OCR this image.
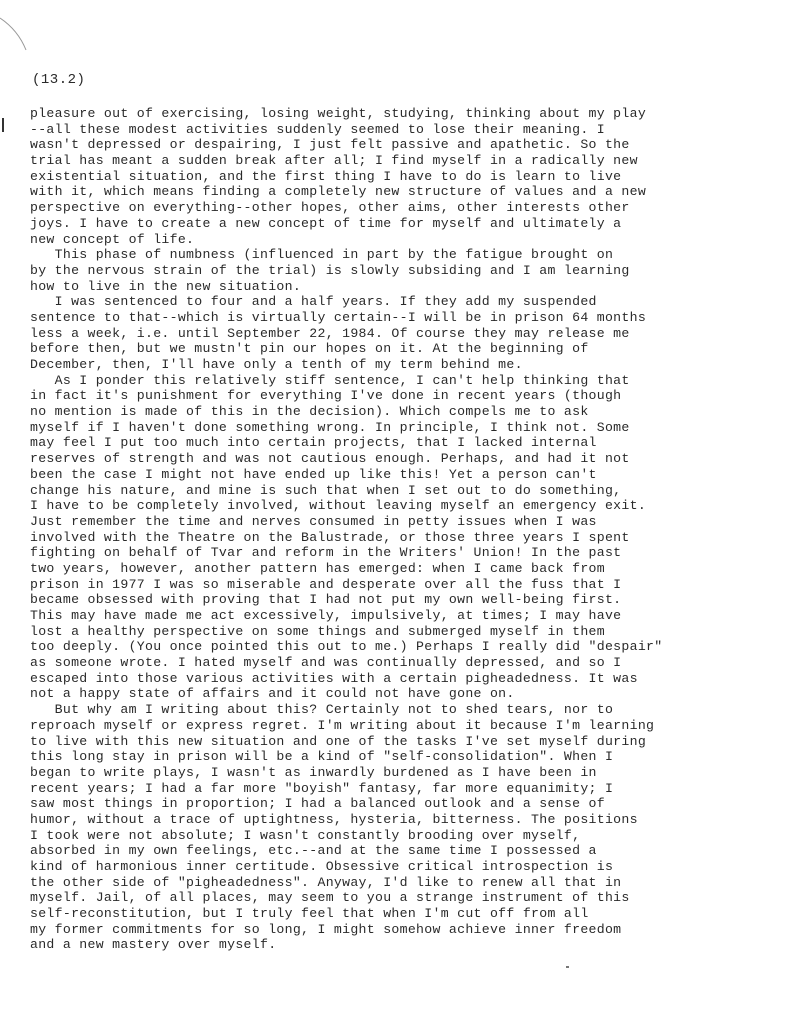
(13.2)
pleasure out of exercising, losing weight, studying, thinking about my play
--all these modest activities suddenly seemed to lose their meaning. I
wasn't depressed or despairing, I just felt passive and apathetic. So the
trial has meant a sudden break after all; I find myself in a radically new
existential situation, and the first thing I have to do is learn to live
with it, which means finding a completely new structure of values and a new
perspective on everything--other hopes, other aims, other interests other
joys. I have to create a new concept of time for myself and ultimately a
new concept of life.
This phase of numbness (influenced in part by the fatigue brought on
by the nervous strain of the trial) is slowly subsiding and I am learning
how to live in the new situation.
I was sentenced to four and a half years. If they add my suspended
sentence to that--which is virtually certain--I will be in prison 64 months
less a week, i.e. until September 22, 1984. Of course they may release me
before then, but we mustn't pin our hopes on it. At the beginning of
December, then, I'll have only a tenth of my term behind me.
As I ponder this relatively stiff sentence, I can't help thinking that
in fact it's punishment for everything I've done in recent years (though
no mention is made of this in the decision). Which compels me to ask
myself if I haven't done something wrong. In principle, I think not. Some
may feel I put too much into certain projects, that I lacked internal
reserves of strength and was not cautious enough. Perhaps, and had it not
been the case I might not have ended up like this! Yet a person can't
change his nature, and mine is such that when I set out to do something,
I have to be completely involved, without leaving myself an emergency exit.
Just remember the time and nerves consumed in petty issues when I was
involved with the Theatre on the Balustrade, or those three years I spent
fighting on behalf of Tvar and reform in the Writers' Union! In the past
two years, however, another pattern has emerged: when I came back from
prison in 1977 I was so miserable and desperate over all the fuss that I
became obsessed with proving that I had not put my own well-being first.
This may have made me act excessively, impulsively, at times; I may have
lost a healthy perspective on some things and submerged myself in them
too deeply. (You once pointed this out to me.) Perhaps I really did "despair"
as someone wrote. I hated myself and was continually depressed, and so I
escaped into those various activities with a certain pigheadedness. It was
not a happy state of affairs and it could not have gone on.
But why am I writing about this? Certainly not to shed tears, nor to
reproach myself or express regret. I'm writing about it because I'm learning
to live with this new situation and one of the tasks I've set myself during
this long stay in prison will be a kind of "self-consolidation". When I
began to write plays, I wasn't as inwardly burdened as I have been in
recent years; I had a far more "boyish" fantasy, far more equanimity; I
saw most things in proportion; I had a balanced outlook and a sense of
humor, without a trace of uptightness, hysteria, bitterness. The positions
I took were not absolute; I wasn't constantly brooding over myself,
absorbed in my own feelings, etc.--and at the same time I possessed a
kind of harmonious inner certitude. Obsessive critical introspection is
the other side of "pigheadedness". Anyway, I'd like to renew all that in
myself. Jail, of all places, may seem to you a strange instrument of this
self-reconstitution, but I truly feel that when I'm cut off from all
my former commitments for so long, I might somehow achieve inner freedom
and a new mastery over myself.
